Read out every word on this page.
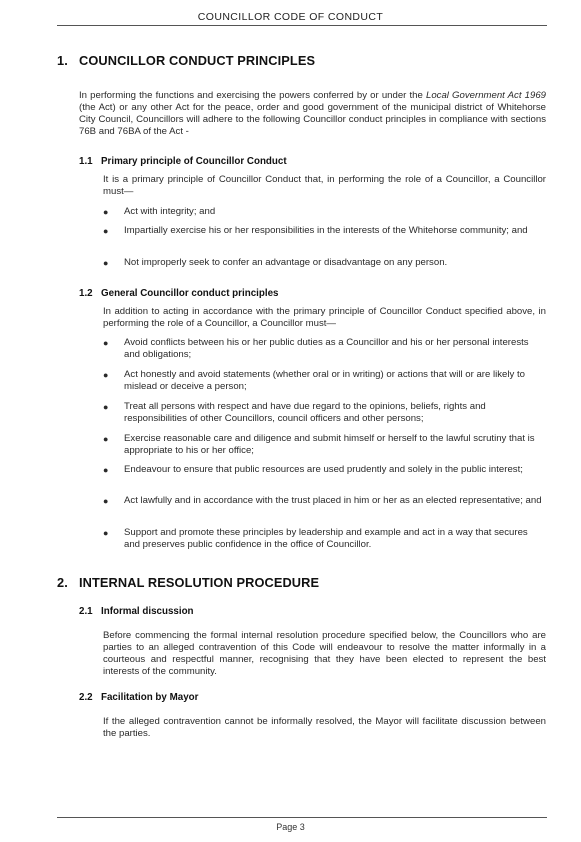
COUNCILLOR CODE OF CONDUCT
1. COUNCILLOR CONDUCT PRINCIPLES
In performing the functions and exercising the powers conferred by or under the Local Government Act 1969 (the Act) or any other Act for the peace, order and good government of the municipal district of Whitehorse City Council, Councillors will adhere to the following Councillor conduct principles in compliance with sections 76B and 76BA of the Act -
1.1 Primary principle of Councillor Conduct
It is a primary principle of Councillor Conduct that, in performing the role of a Councillor, a Councillor must—
● Act with integrity; and
● Impartially exercise his or her responsibilities in the interests of the Whitehorse community; and
● Not improperly seek to confer an advantage or disadvantage on any person.
1.2 General Councillor conduct principles
In addition to acting in accordance with the primary principle of Councillor Conduct specified above, in performing the role of a Councillor, a Councillor must—
● Avoid conflicts between his or her public duties as a Councillor and his or her personal interests and obligations;
● Act honestly and avoid statements (whether oral or in writing) or actions that will or are likely to mislead or deceive a person;
● Treat all persons with respect and have due regard to the opinions, beliefs, rights and responsibilities of other Councillors, council officers and other persons;
● Exercise reasonable care and diligence and submit himself or herself to the lawful scrutiny that is appropriate to his or her office;
● Endeavour to ensure that public resources are used prudently and solely in the public interest;
● Act lawfully and in accordance with the trust placed in him or her as an elected representative; and
● Support and promote these principles by leadership and example and act in a way that secures and preserves public confidence in the office of Councillor.
2. INTERNAL RESOLUTION PROCEDURE
2.1 Informal discussion
Before commencing the formal internal resolution procedure specified below, the Councillors who are parties to an alleged contravention of this Code will endeavour to resolve the matter informally in a courteous and respectful manner, recognising that they have been elected to represent the best interests of the community.
2.2 Facilitation by Mayor
If the alleged contravention cannot be informally resolved, the Mayor will facilitate discussion between the parties.
Page 3
